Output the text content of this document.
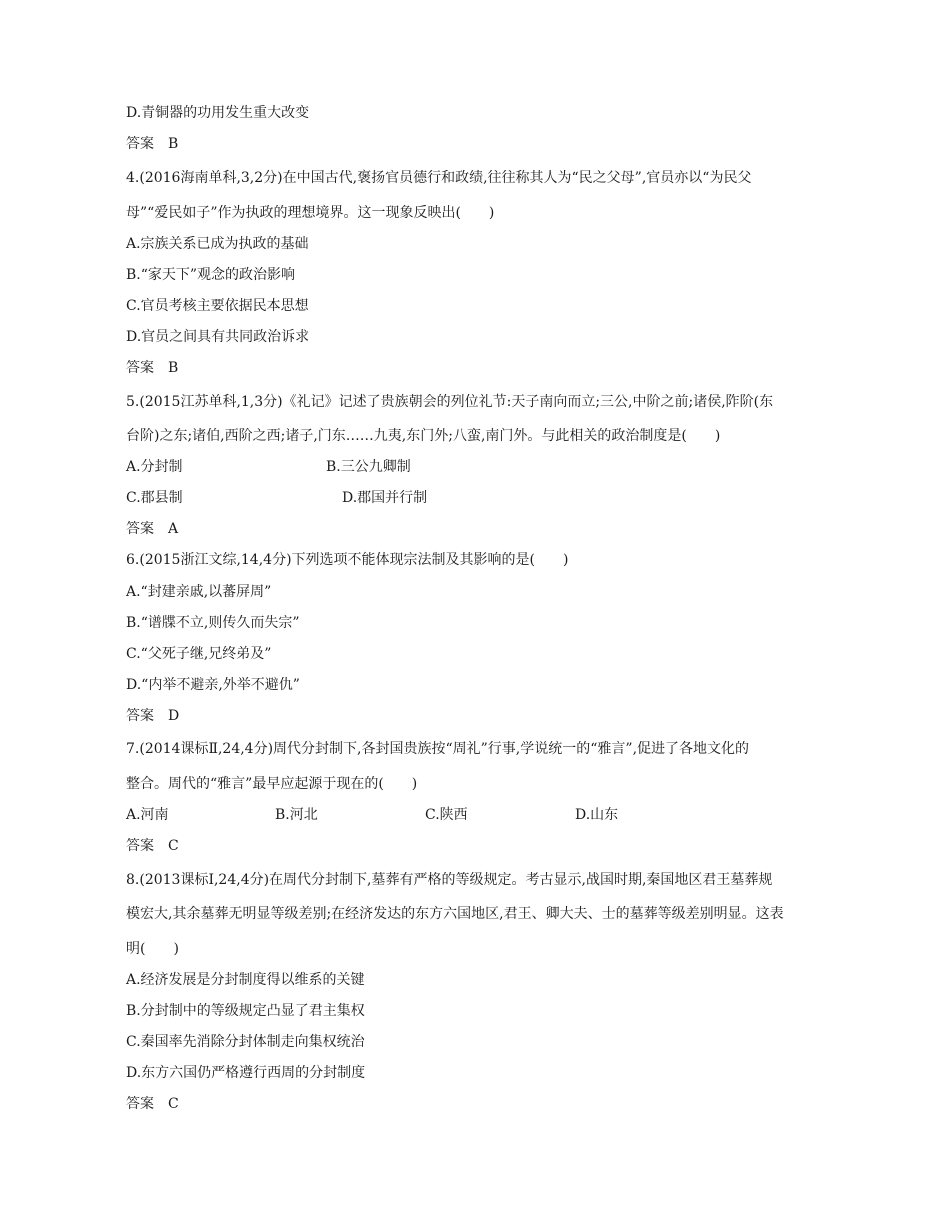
D.青铜器的功用发生重大改变
答案　B
4.(2016海南单科,3,2分)在中国古代,褒扬官员德行和政绩,往往称其人为“民之父母”,官员亦以“为民父
母”“爱民如子”作为执政的理想境界。这一现象反映出(　　)
A.宗族关系已成为执政的基础
B.“家天下”观念的政治影响
C.官员考核主要依据民本思想
D.官员之间具有共同政治诉求
答案　B
5.(2015江苏单科,1,3分)《礼记》记述了贵族朝会的列位礼节:天子南向而立;三公,中阶之前;诸侯,阼阶(东
台阶)之东;诸伯,西阶之西;诸子,门东……九夷,东门外;八蛮,南门外。与此相关的政治制度是(　　)
A.分封制	B.三公九卿制
C.郡县制	D.郡国并行制
答案　A
6.(2015浙江文综,14,4分)下列选项不能体现宗法制及其影响的是(　　)
A.“封建亲戚,以蕃屏周”
B.“谱牒不立,则传久而失宗”
C.“父死子继,兄终弟及”
D.“内举不避亲,外举不避仇”
答案　D
7.(2014课标Ⅱ,24,4分)周代分封制下,各封国贵族按“周礼”行事,学说统一的“雅言”,促进了各地文化的
整合。周代的“雅言”最早应起源于现在的(　　)
A.河南	B.河北	C.陕西	D.山东
答案　C
8.(2013课标Ⅰ,24,4分)在周代分封制下,墓葬有严格的等级规定。考古显示,战国时期,秦国地区君王墓葬规
模宏大,其余墓葬无明显等级差别;在经济发达的东方六国地区,君王、卿大夫、士的墓葬等级差别明显。这表
明(　　)
A.经济发展是分封制度得以维系的关键
B.分封制中的等级规定凸显了君主集权
C.秦国率先消除分封体制走向集权统治
D.东方六国仍严格遵行西周的分封制度
答案　C
